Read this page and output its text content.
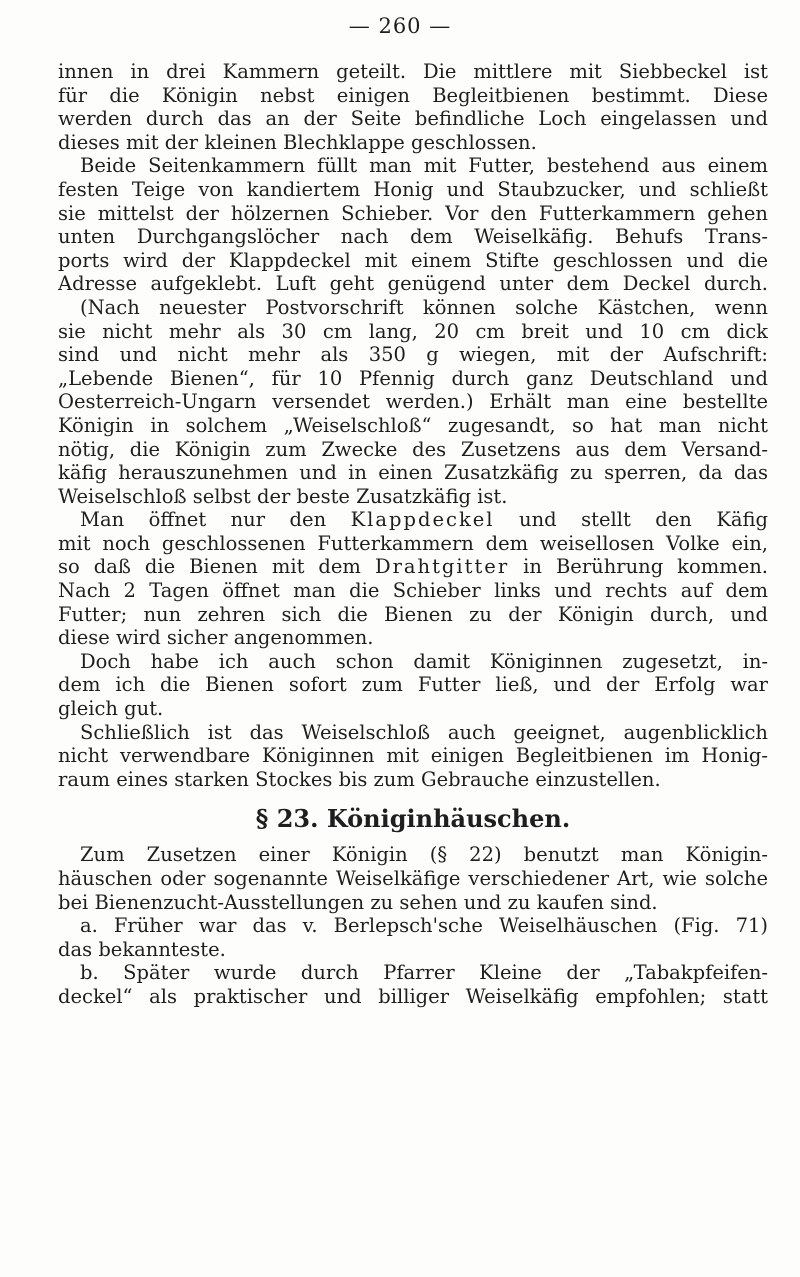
— 260 —
innen in drei Kammern geteilt. Die mittlere mit Siebbeckel ist
für die Königin nebst einigen Begleitbienen bestimmt. Diese
werden durch das an der Seite befindliche Loch eingelassen und
dieses mit der kleinen Blechklappe geschlossen.
Beide Seitenkammern füllt man mit Futter, bestehend aus einem
festen Teige von kandiertem Honig und Staubzucker, und schließt
sie mittelst der hölzernen Schieber. Vor den Futterkammern gehen
unten Durchgangslöcher nach dem Weiselkäfig. Behufs Trans-
ports wird der Klappdeckel mit einem Stifte geschlossen und die
Adresse aufgeklebt. Luft geht genügend unter dem Deckel durch.
(Nach neuester Postvorschrift können solche Kästchen, wenn
sie nicht mehr als 30 cm lang, 20 cm breit und 10 cm dick
sind und nicht mehr als 350 g wiegen, mit der Aufschrift:
„Lebende Bienen“, für 10 Pfennig durch ganz Deutschland und
Oesterreich-Ungarn versendet werden.) Erhält man eine bestellte
Königin in solchem „Weiselschloß“ zugesandt, so hat man nicht
nötig, die Königin zum Zwecke des Zusetzens aus dem Versand-
käfig herauszunehmen und in einen Zusatzkäfig zu sperren, da das
Weiselschloß selbst der beste Zusatzkäfig ist.
Man öffnet nur den Klappdeckel und stellt den Käfig
mit noch geschlossenen Futterkammern dem weisellosen Volke ein,
so daß die Bienen mit dem Drahtgitter in Berührung kommen.
Nach 2 Tagen öffnet man die Schieber links und rechts auf dem
Futter; nun zehren sich die Bienen zu der Königin durch, und
diese wird sicher angenommen.
Doch habe ich auch schon damit Königinnen zugesetzt, in-
dem ich die Bienen sofort zum Futter ließ, und der Erfolg war
gleich gut.
Schließlich ist das Weiselschloß auch geeignet, augenblicklich
nicht verwendbare Königinnen mit einigen Begleitbienen im Honig-
raum eines starken Stockes bis zum Gebrauche einzustellen.
§ 23. Königinhäuschen.
Zum Zusetzen einer Königin (§ 22) benutzt man Königin-
häuschen oder sogenannte Weiselkäfige verschiedener Art, wie solche
bei Bienenzucht-Ausstellungen zu sehen und zu kaufen sind.
a. Früher war das v. Berlepsch'sche Weiselhäuschen (Fig. 71)
das bekannteste.
b. Später wurde durch Pfarrer Kleine der „Tabakpfeifen-
deckel“ als praktischer und billiger Weiselkäfig empfohlen; statt
